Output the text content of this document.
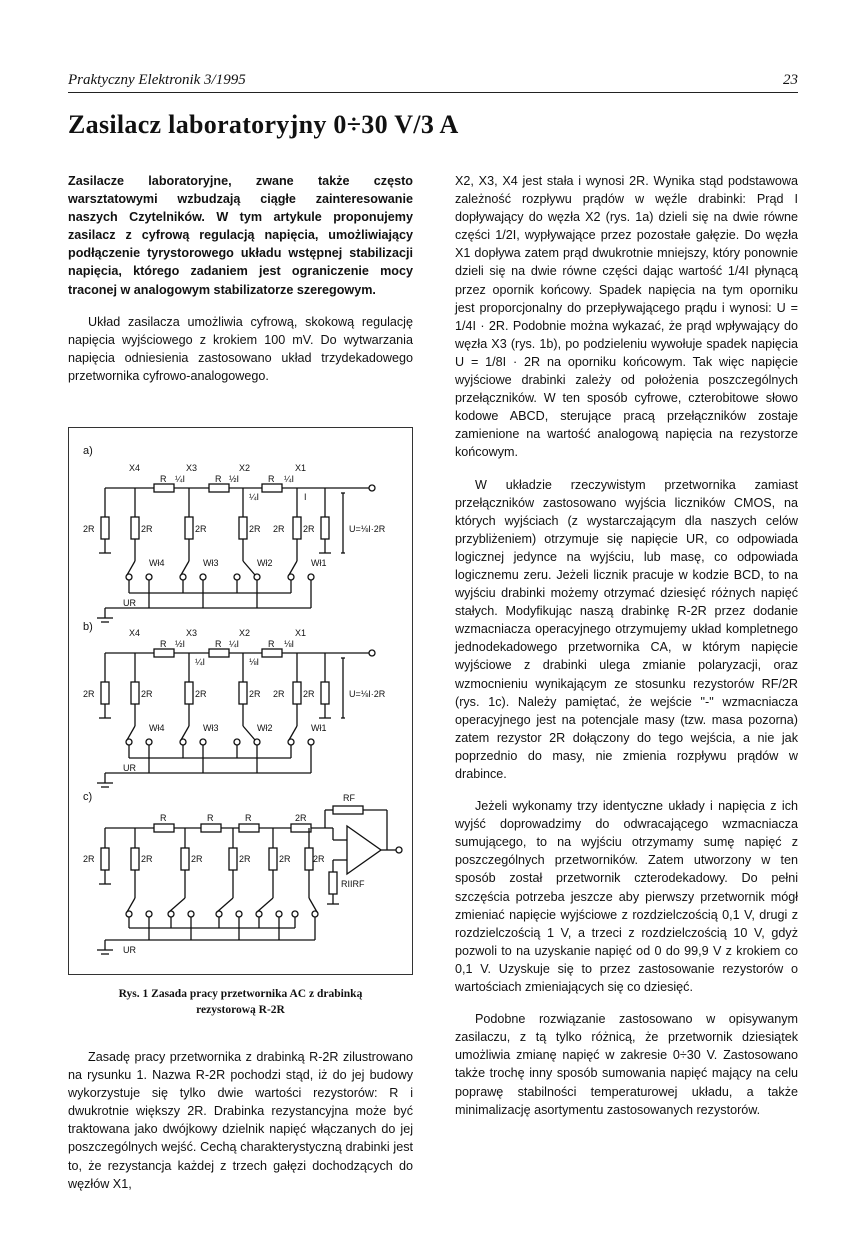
Praktyczny Elektronik 3/1995	23
Zasilacz laboratoryjny 0÷30 V/3 A

Zasilacze laboratoryjne, zwane także często warsztatowymi wzbudzają ciągłe zainteresowanie naszych Czytelników. W tym artykule proponujemy zasilacz z cyfrową regulacją napięcia, umożliwiający podłączenie tyrystorowego układu wstępnej stabilizacji napięcia, którego zadaniem jest ograniczenie mocy traconej w analogowym stabilizatorze szeregowym.

Układ zasilacza umożliwia cyfrową, skokową regulację napięcia wyjściowego z krokiem 100 mV. Do wytwarzania napięcia odniesienia zastosowano układ trzydekadowego przetwornika cyfrowo-analogowego.

a)
X4	X3	X2	X1
R	R	R
¼I	½I	¼I
¼I	I
2R	2R	2R	2R 2R 2R	U=⅛I·2R
Wł4	Wł3	Wł2	Wł1
UR
b)	X4	X3	X2	X1
R	R	R
½I	¼I	⅛I
¼I	⅛I
2R	2R	2R	2R 2R 2R	U=⅛I·2R
Wł4	Wł3	Wł2	Wł1
UR
c)
R	R	R	2R
RF
RIIRF
2R	2R	2R	2R	2R 2R
UR
Rys. 1 Zasada pracy przetwornika AC z drabinką
rezystorową R-2R

Zasadę pracy przetwornika z drabinką R-2R zilustrowano na rysunku 1. Nazwa R-2R pochodzi stąd, iż do jej budowy wykorzystuje się tylko dwie wartości rezystorów: R i dwukrotnie większy 2R. Drabinka rezystancyjna może być traktowana jako dwójkowy dzielnik napięć włączanych do jej poszczególnych wejść. Cechą charakterystyczną drabinki jest to, że rezystancja każdej z trzech gałęzi dochodzących do węzłów X1,

X2, X3, X4 jest stała i wynosi 2R. Wynika stąd podstawowa zależność rozpływu prądów w węźle drabinki: Prąd I dopływający do węzła X2 (rys. 1a) dzieli się na dwie równe części 1/2I, wypływające przez pozostałe gałęzie. Do węzła X1 dopływa zatem prąd dwukrotnie mniejszy, który ponownie dzieli się na dwie równe części dając wartość 1/4I płynącą przez opornik końcowy. Spadek napięcia na tym oporniku jest proporcjonalny do przepływającego prądu i wynosi: U = 1/4I · 2R. Podobnie można wykazać, że prąd wpływający do węzła X3 (rys. 1b), po podzieleniu wywołuje spadek napięcia U = 1/8I · 2R na oporniku końcowym. Tak więc napięcie wyjściowe drabinki zależy od położenia poszczególnych przełączników. W ten sposób cyfrowe, czterobitowe słowo kodowe ABCD, sterujące pracą przełączników zostaje zamienione na wartość analogową napięcia na rezystorze końcowym.

W układzie rzeczywistym przetwornika zamiast przełączników zastosowano wyjścia liczników CMOS, na których wyjściach (z wystarczającym dla naszych celów przybliżeniem) otrzymuje się napięcie UR, co odpowiada logicznej jedynce na wyjściu, lub masę, co odpowiada logicznemu zeru. Jeżeli licznik pracuje w kodzie BCD, to na wyjściu drabinki możemy otrzymać dziesięć różnych napięć stałych. Modyfikując naszą drabinkę R-2R przez dodanie wzmacniacza operacyjnego otrzymujemy układ kompletnego jednodekadowego przetwornika CA, w którym napięcie wyjściowe z drabinki ulega zmianie polaryzacji, oraz wzmocnieniu wynikającym ze stosunku rezystorów RF/2R (rys. 1c). Należy pamiętać, że wejście "-" wzmacniacza operacyjnego jest na potencjale masy (tzw. masa pozorna) zatem rezystor 2R dołączony do tego wejścia, a nie jak poprzednio do masy, nie zmienia rozpływu prądów w drabince.

Jeżeli wykonamy trzy identyczne układy i napięcia z ich wyjść doprowadzimy do odwracającego wzmacniacza sumującego, to na wyjściu otrzymamy sumę napięć z poszczególnych przetworników. Zatem utworzony w ten sposób został przetwornik czterodekadowy. Do pełni szczęścia potrzeba jeszcze aby pierwszy przetwornik mógł zmieniać napięcie wyjściowe z rozdzielczością 0,1 V, drugi z rozdzielczością 1 V, a trzeci z rozdzielczością 10 V, gdyż pozwoli to na uzyskanie napięć od 0 do 99,9 V z krokiem co 0,1 V. Uzyskuje się to przez zastosowanie rezystorów o wartościach zmieniających się co dziesięć.

Podobne rozwiązanie zastosowano w opisywanym zasilaczu, z tą tylko różnicą, że przetwornik dziesiątek umożliwia zmianę napięć w zakresie 0÷30 V. Zastosowano także trochę inny sposób sumowania napięć mający na celu poprawę stabilności temperaturowej układu, a także minimalizację asortymentu zastosowanych rezystorów.
